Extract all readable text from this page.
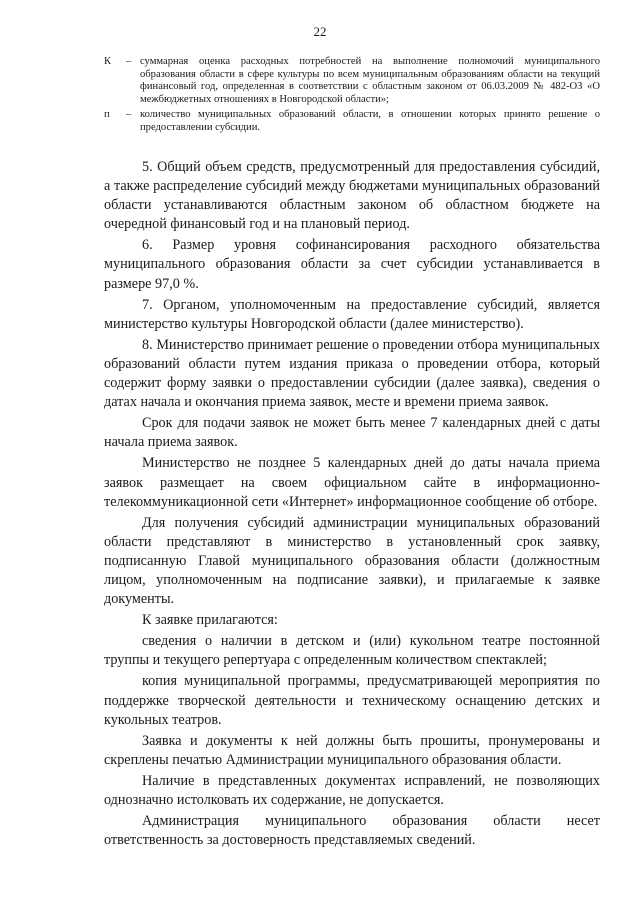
22
К	– суммарная оценка расходных потребностей на выполнение полномочий муниципального образования области в сфере культуры по всем муниципальным образованиям области на текущий финансовый год, определенная в соответствии с областным законом от 06.03.2009 № 482-ОЗ «О межбюджетных отношениях в Новгородской области»;
п	– количество муниципальных образований области, в отношении которых принято решение о предоставлении субсидии.

5. Общий объем средств, предусмотренный для предоставления субсидий, а также распределение субсидий между бюджетами муниципальных образований области устанавливаются областным законом об областном бюджете на очередной финансовый год и на плановый период.

6. Размер уровня софинансирования расходного обязательства муниципального образования области за счет субсидии устанавливается в размере 97,0 %.

7. Органом, уполномоченным на предоставление субсидий, является министерство культуры Новгородской области (далее министерство).

8. Министерство принимает решение о проведении отбора муниципальных образований области путем издания приказа о проведении отбора, который содержит форму заявки о предоставлении субсидии (далее заявка), сведения о датах начала и окончания приема заявок, месте и времени приема заявок.

Срок для подачи заявок не может быть менее 7 календарных дней с даты начала приема заявок.

Министерство не позднее 5 календарных дней до даты начала приема заявок размещает на своем официальном сайте в информационно-телекоммуникационной сети «Интернет» информационное сообщение об отборе.

Для получения субсидий администрации муниципальных образований области представляют в министерство в установленный срок заявку, подписанную Главой муниципального образования области (должностным лицом, уполномоченным на подписание заявки), и прилагаемые к заявке документы.

К заявке прилагаются:

сведения о наличии в детском и (или) кукольном театре постоянной труппы и текущего репертуара с определенным количеством спектаклей;

копия муниципальной программы, предусматривающей мероприятия по поддержке творческой деятельности и техническому оснащению детских и кукольных театров.

Заявка и документы к ней должны быть прошиты, пронумерованы и скреплены печатью Администрации муниципального образования области.

Наличие в представленных документах исправлений, не позволяющих однозначно истолковать их содержание, не допускается.

Администрация муниципального образования области несет ответственность за достоверность представляемых сведений.
